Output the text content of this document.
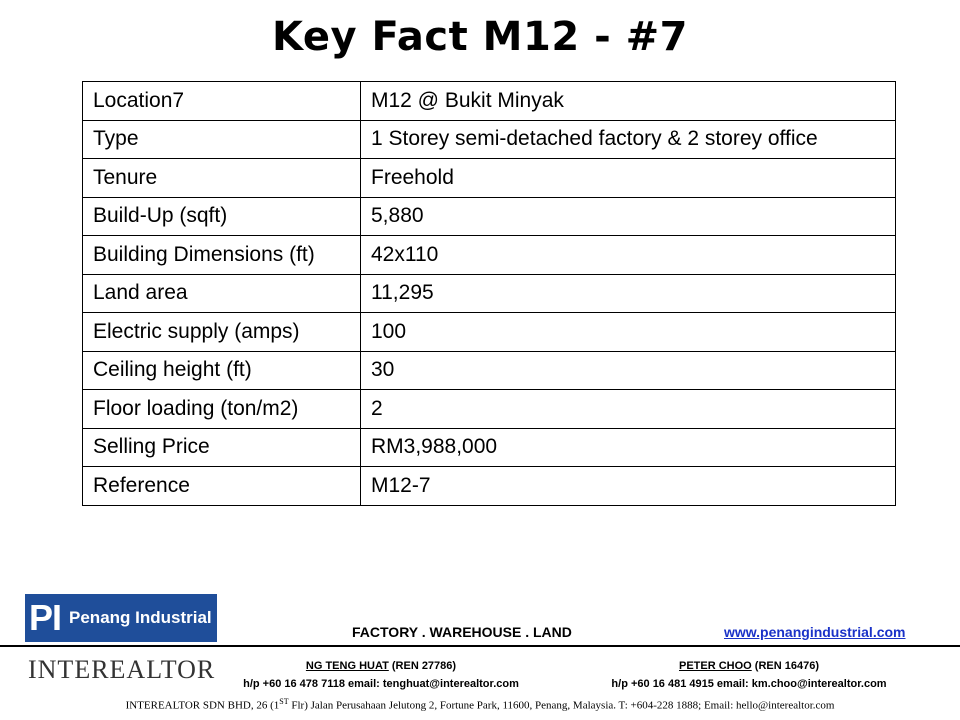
Key Fact M12 - #7
Location7	M12 @ Bukit Minyak
Type	1 Storey semi-detached factory & 2 storey office
Tenure	Freehold
Build-Up (sqft)	5,880
Building Dimensions (ft)	42x110
Land area	11,295
Electric supply (amps)	100
Ceiling height (ft)	30
Floor loading (ton/m2)	2
Selling Price	RM3,988,000
Reference	M12-7
PI Penang Industrial
FACTORY . WAREHOUSE . LAND	www.penangindustrial.com
INTEREALTOR	NG TENG HUAT (REN 27786)
h/p +60 16 478 7118 email: tenghuat@interealtor.com
PETER CHOO (REN 16476)
h/p +60 16 481 4915 email: km.choo@interealtor.com
INTEREALTOR SDN BHD, 26 (1ST Flr) Jalan Perusahaan Jelutong 2, Fortune Park, 11600, Penang, Malaysia. T: +604-228 1888; Email: hello@interealtor.com
